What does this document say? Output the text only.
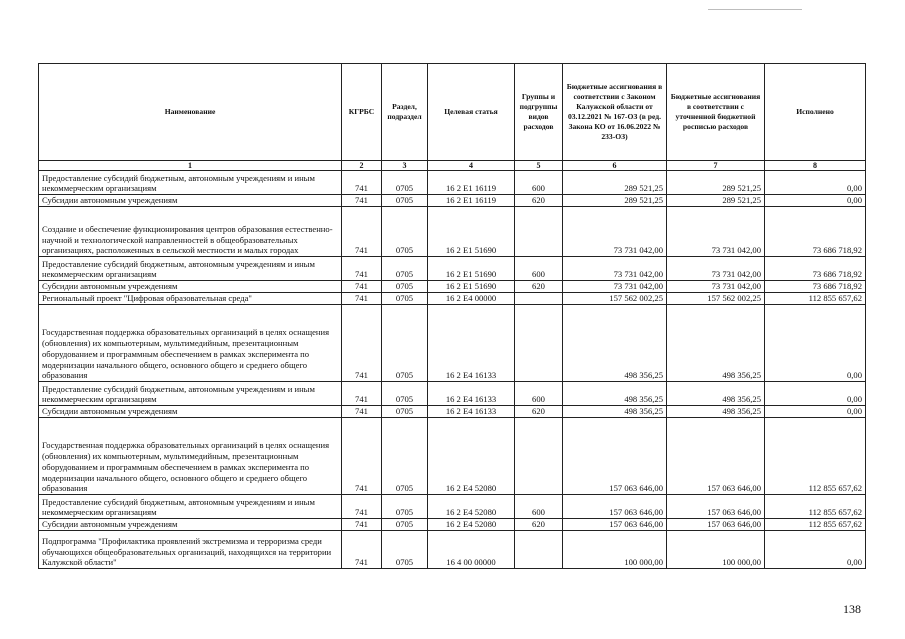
Наименование	КГРБС	Раздел, подраздел	Целевая статья	Группы и подгруппы видов расходов	Бюджетные ассигнования в соответствии с Законом Калужской области от 03.12.2021 № 167-ОЗ (в ред. Закона КО от 16.06.2022 № 233-ОЗ)	Бюджетные ассигнования в соответствии с уточненной бюджетной росписью расходов	Исполнено
1	2	3	4	5	6	7	8
Предоставление субсидий бюджетным, автономным учреждениям и иным некоммерческим организациям	741	0705	16 2 E1 16119	600	289 521,25	289 521,25	0,00
Субсидии автономным учреждениям	741	0705	16 2 E1 16119	620	289 521,25	289 521,25	0,00
Создание и обеспечение функционирования центров образования естественно-научной и технологической направленностей в общеобразовательных организациях, расположенных в сельской местности и малых городах	741	0705	16 2 E1 51690		73 731 042,00	73 731 042,00	73 686 718,92
Предоставление субсидий бюджетным, автономным учреждениям и иным некоммерческим организациям	741	0705	16 2 E1 51690	600	73 731 042,00	73 731 042,00	73 686 718,92
Субсидии автономным учреждениям	741	0705	16 2 E1 51690	620	73 731 042,00	73 731 042,00	73 686 718,92
Региональный проект "Цифровая образовательная среда"	741	0705	16 2 E4 00000		157 562 002,25	157 562 002,25	112 855 657,62
Государственная поддержка образовательных организаций в целях оснащения (обновления) их компьютерным, мультимедийным, презентационным оборудованием и программным обеспечением в рамках эксперимента по модернизации начального общего, основного общего и среднего общего образования	741	0705	16 2 E4 16133		498 356,25	498 356,25	0,00
Предоставление субсидий бюджетным, автономным учреждениям и иным некоммерческим организациям	741	0705	16 2 E4 16133	600	498 356,25	498 356,25	0,00
Субсидии автономным учреждениям	741	0705	16 2 E4 16133	620	498 356,25	498 356,25	0,00
Государственная поддержка образовательных организаций в целях оснащения (обновления) их компьютерным, мультимедийным, презентационным оборудованием и программным обеспечением в рамках эксперимента по модернизации начального общего, основного общего и среднего общего образования	741	0705	16 2 E4 52080		157 063 646,00	157 063 646,00	112 855 657,62
Предоставление субсидий бюджетным, автономным учреждениям и иным некоммерческим организациям	741	0705	16 2 E4 52080	600	157 063 646,00	157 063 646,00	112 855 657,62
Субсидии автономным учреждениям	741	0705	16 2 E4 52080	620	157 063 646,00	157 063 646,00	112 855 657,62
Подпрограмма "Профилактика проявлений экстремизма и терроризма среди обучающихся общеобразовательных организаций, находящихся на территории Калужской области"	741	0705	16 4 00 00000		100 000,00	100 000,00	0,00
138
